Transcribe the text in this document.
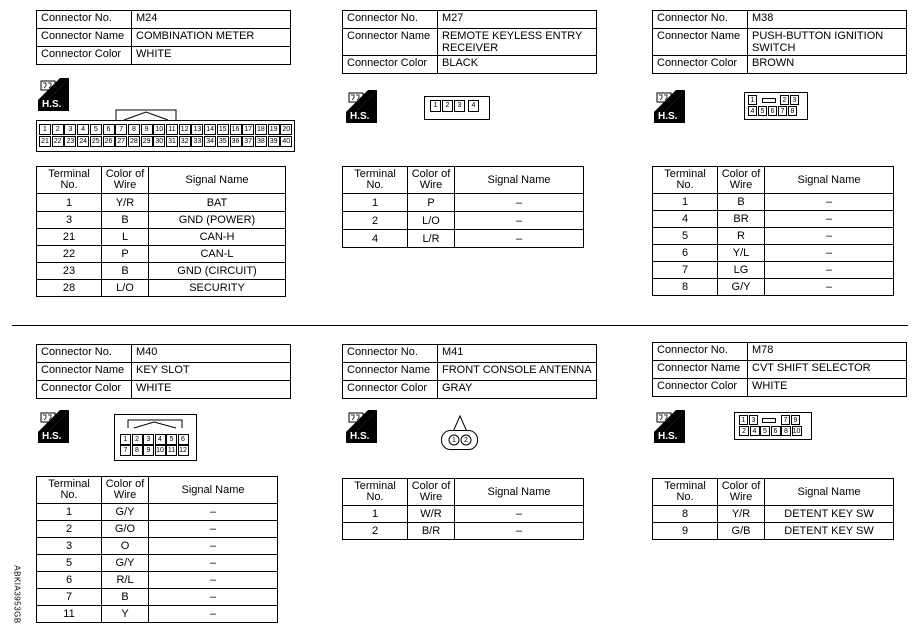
Connector No.	M24
Connector Name	COMBINATION METER
Connector Color	WHITE
H.S.
1	2	3	4	5	6	7	8	9 10 11 12 13 14 15 16 17 18 19 20
21 22 23 24 25 26 27 28 29 30 31 32 33 34 35 36 37 38 39 40
Terminal No.	Color of Wire	Signal Name
1	Y/R	BAT
3	B	GND (POWER)
21	L	CAN-H
22	P	CAN-L
23	B	GND (CIRCUIT)
28	L/O	SECURITY
Connector No.	M27
Connector Name	REMOTE KEYLESS ENTRY RECEIVER
Connector Color	BLACK
H.S.
1	2	3	4
Terminal No.	Color of Wire	Signal Name
1	P	–
2	L/O	–
4	L/R	–
Connector No.	M38
Connector Name	PUSH-BUTTON IGNITION SWITCH
Connector Color	BROWN
H.S.
1	2 3
4 5 6 7 8
Terminal No.	Color of Wire	Signal Name
1	B	–
4	BR	–
5	R	–
6	Y/L	–
7	LG	–
8	G/Y	–
Connector No.	M40
Connector Name	KEY SLOT
Connector Color	WHITE
H.S.	1	2	3	4	5	6
7	8	9 10 11 12
Terminal No.	Color of Wire	Signal Name
1	G/Y	–
2	G/O	–
3	O	–
5	G/Y	–
6	R/L	–
7	B	–
11	Y	–
Connector No.	M41
Connector Name	FRONT CONSOLE ANTENNA
Connector Color	GRAY
H.S.	1 2
Terminal No.	Color of Wire	Signal Name
1	W/R	–
2	B/R	–
Connector No.	M78
Connector Name	CVT SHIFT SELECTOR
Connector Color	WHITE
H.S.
1 3	7 9
2 4 5 6 8 10
Terminal No.	Color of Wire	Signal Name
8	Y/R	DETENT KEY SW
9	G/B	DETENT KEY SW
ABKIA3953GB
